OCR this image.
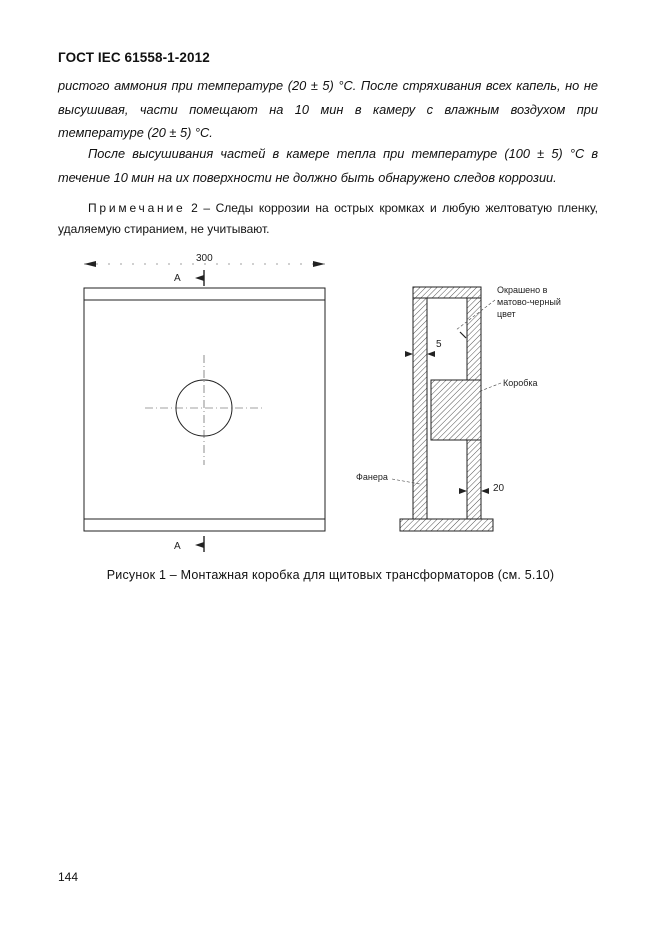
ГОСТ IEC 61558-1-2012

ристого аммония при температуре (20 ± 5) °С. После стряхивания всех капель, но не высушивая, части помещают на 10 мин в камеру с влажным воздухом при температуре (20 ± 5) °С.

После высушивания частей в камере тепла при температуре (100 ± 5) °С в течение 10 мин на их поверхности не должно быть обнаружено следов коррозии.

Примечание 2 – Следы коррозии на острых кромках и любую желтоватую пленку, удаляемую стиранием, не учитывают.

300
A
A
Окрашено в
матово-черный
цвет
Коробка
Фанера
5
20
Рисунок 1 – Монтажная коробка для щитовых трансформаторов (см. 5.10)
144
